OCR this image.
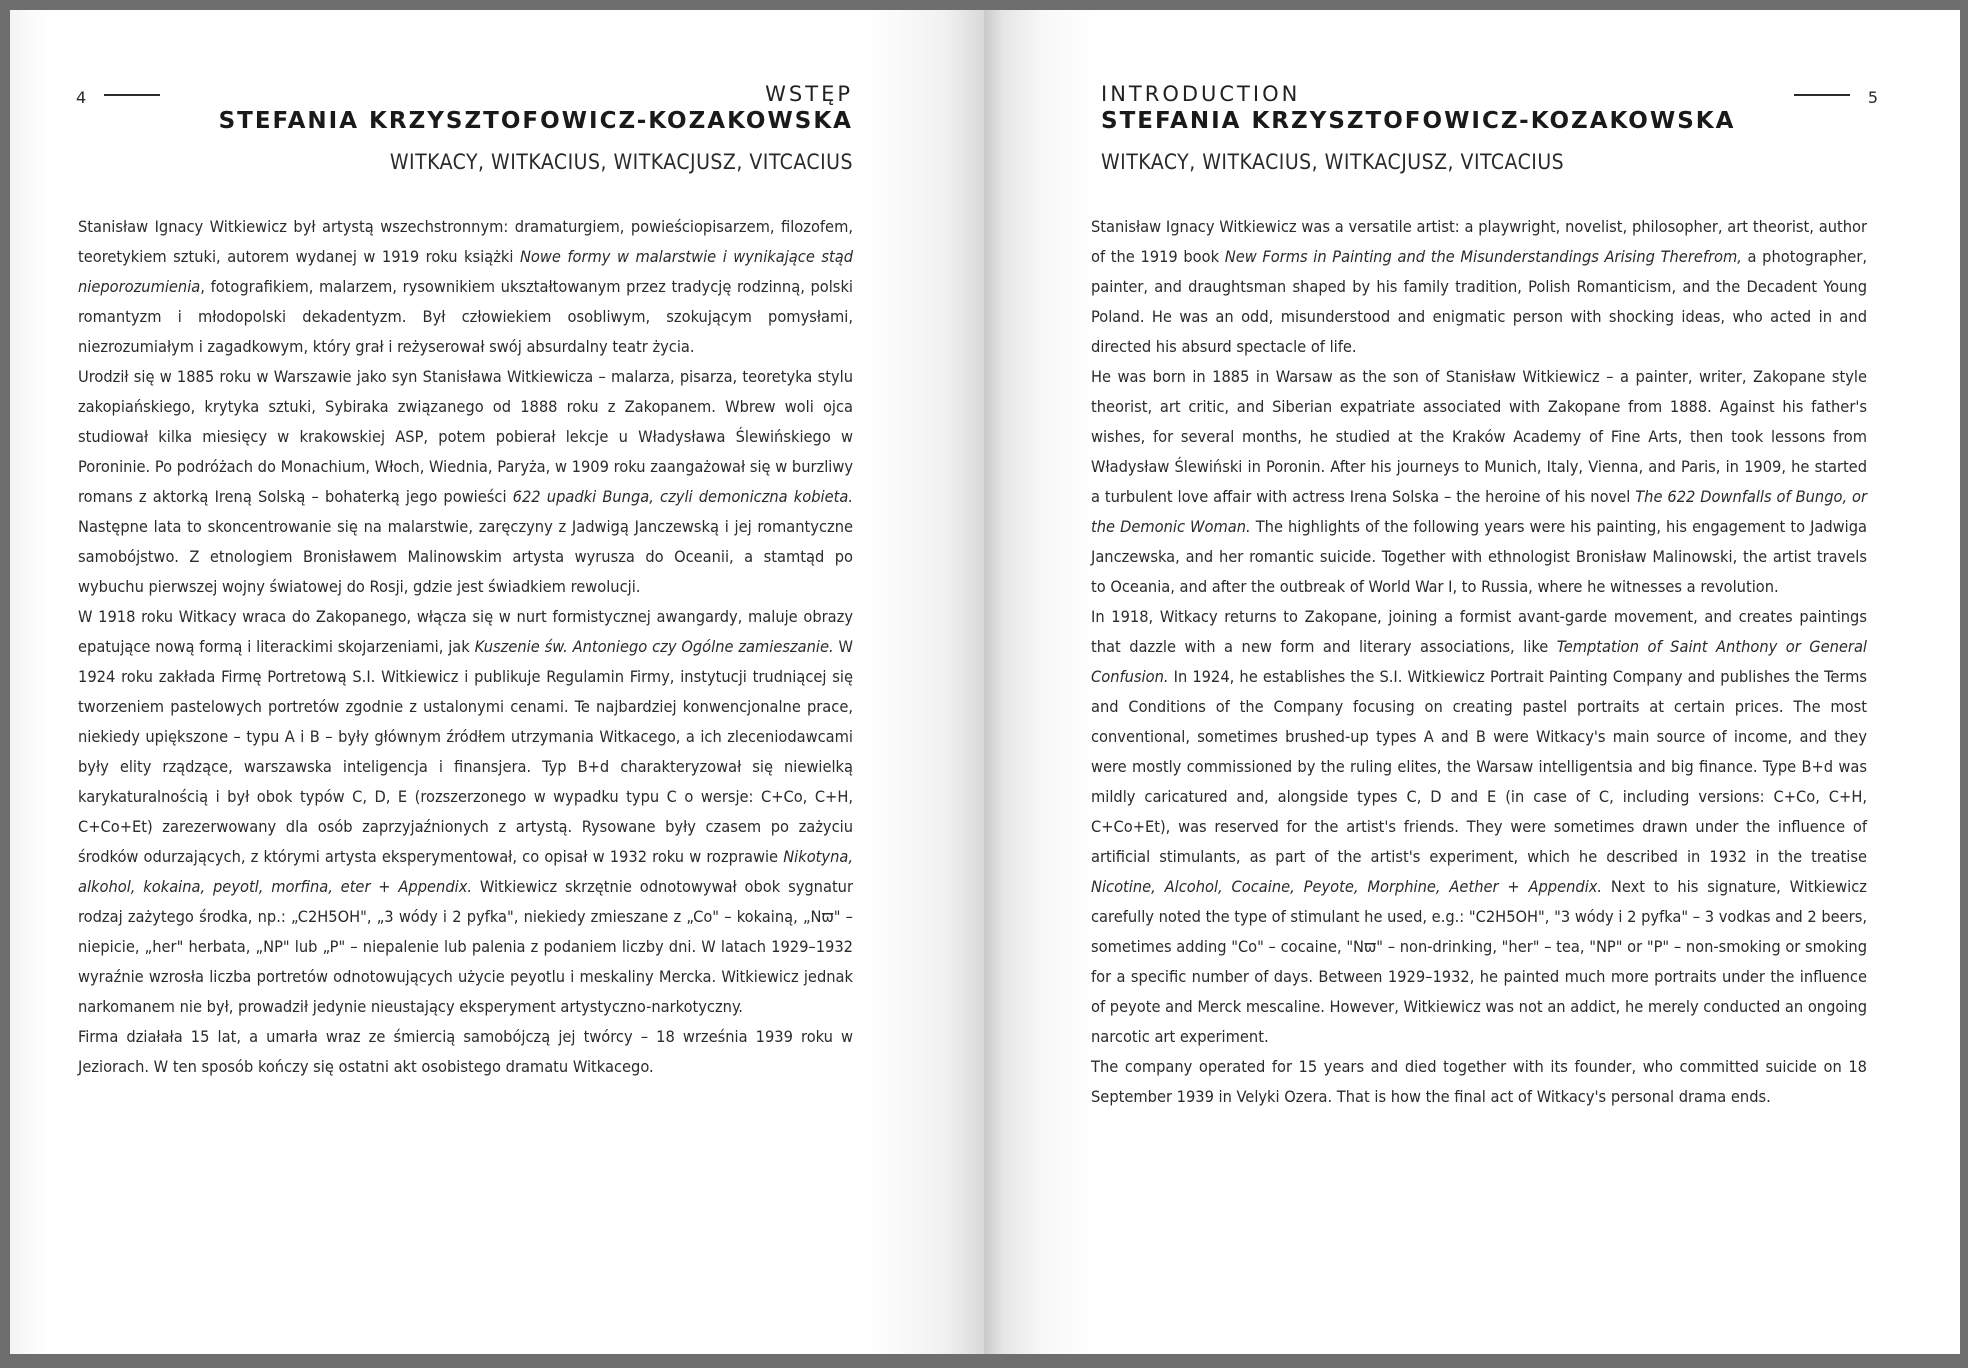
4	WSTĘP
STEFANIA KRZYSZTOFOWICZ-KOZAKOWSKA
WITKACY, WITKACIUS, WITKACJUSZ, VITCACIUS

Stanisław Ignacy Witkiewicz był artystą wszechstronnym: dramaturgiem, powieściopisarzem, filozofem, teoretykiem sztuki, autorem wydanej w 1919 roku książki Nowe formy w malarstwie i wynikające stąd nieporozumienia, fotografikiem, malarzem, rysownikiem ukształtowanym przez tradycję rodzinną, polski romantyzm i młodopolski dekadentyzm. Był człowiekiem osobliwym, szokującym pomysłami, niezrozumiałym i zagadkowym, który grał i reżyserował swój absurdalny teatr życia.

Urodził się w 1885 roku w Warszawie jako syn Stanisława Witkiewicza – malarza, pisarza, teoretyka stylu zakopiańskiego, krytyka sztuki, Sybiraka związanego od 1888 roku z Zakopanem. Wbrew woli ojca studiował kilka miesięcy w krakowskiej ASP, potem pobierał lekcje u Władysława Ślewińskiego w Poroninie. Po podróżach do Monachium, Włoch, Wiednia, Paryża, w 1909 roku zaangażował się w burzliwy romans z aktorką Ireną Solską – bohaterką jego powieści 622 upadki Bunga, czyli demoniczna kobieta. Następne lata to skoncentrowanie się na malarstwie, zaręczyny z Jadwigą Janczewską i jej romantyczne samobójstwo. Z etnologiem Bronisławem Malinowskim artysta wyrusza do Oceanii, a stamtąd po wybuchu pierwszej wojny światowej do Rosji, gdzie jest świadkiem rewolucji.

W 1918 roku Witkacy wraca do Zakopanego, włącza się w nurt formistycznej awangardy, maluje obrazy epatujące nową formą i literackimi skojarzeniami, jak Kuszenie św. Antoniego czy Ogólne zamieszanie. W 1924 roku zakłada Firmę Portretową S.I. Witkiewicz i publikuje Regulamin Firmy, instytucji trudniącej się tworzeniem pastelowych portretów zgodnie z ustalonymi cenami. Te najbardziej konwencjonalne prace, niekiedy upiększone – typu A i B – były głównym źródłem utrzymania Witkacego, a ich zleceniodawcami były elity rządzące, warszawska inteligencja i finansjera. Typ B+d charakteryzował się niewielką karykaturalnością i był obok typów C, D, E (rozszerzonego w wypadku typu C o wersje: C+Co, C+H, C+Co+Et) zarezerwowany dla osób zaprzyjaźnionych z artystą. Rysowane były czasem po zażyciu środków odurzających, z którymi artysta eksperymentował, co opisał w 1932 roku w rozprawie Nikotyna, alkohol, kokaina, peyotl, morfina, eter + Appendix. Witkiewicz skrzętnie odnotowywał obok sygnatur rodzaj zażytego środka, np.: „C2H5OH", „3 wódy i 2 pyfka", niekiedy zmieszane z „Co" – kokainą, „Nϖ" – niepicie, „her" herbata, „NP" lub „P" – niepalenie lub palenia z podaniem liczby dni. W latach 1929–1932 wyraźnie wzrosła liczba portretów odnotowujących użycie peyotlu i meskaliny Mercka. Witkiewicz jednak narkomanem nie był, prowadził jedynie nieustający eksperyment artystyczno-narkotyczny.

Firma działała 15 lat, a umarła wraz ze śmiercią samobójczą jej twórcy – 18 września 1939 roku w Jeziorach. W ten sposób kończy się ostatni akt osobistego dramatu Witkacego.

5
INTRODUCTION
STEFANIA KRZYSZTOFOWICZ-KOZAKOWSKA
WITKACY, WITKACIUS, WITKACJUSZ, VITCACIUS

Stanisław Ignacy Witkiewicz was a versatile artist: a playwright, novelist, philosopher, art theorist, author of the 1919 book New Forms in Painting and the Misunderstandings Arising Therefrom, a photographer, painter, and draughtsman shaped by his family tradition, Polish Romanticism, and the Decadent Young Poland. He was an odd, misunderstood and enigmatic person with shocking ideas, who acted in and directed his absurd spectacle of life.

He was born in 1885 in Warsaw as the son of Stanisław Witkiewicz – a painter, writer, Zakopane style theorist, art critic, and Siberian expatriate associated with Zakopane from 1888. Against his father's wishes, for several months, he studied at the Kraków Academy of Fine Arts, then took lessons from Władysław Ślewiński in Poronin. After his journeys to Munich, Italy, Vienna, and Paris, in 1909, he started a turbulent love affair with actress Irena Solska – the heroine of his novel The 622 Downfalls of Bungo, or the Demonic Woman. The highlights of the following years were his painting, his engagement to Jadwiga Janczewska, and her romantic suicide. Together with ethnologist Bronisław Malinowski, the artist travels to Oceania, and after the outbreak of World War I, to Russia, where he witnesses a revolution.

In 1918, Witkacy returns to Zakopane, joining a formist avant-garde movement, and creates paintings that dazzle with a new form and literary associations, like Temptation of Saint Anthony or General Confusion. In 1924, he establishes the S.I. Witkiewicz Portrait Painting Company and publishes the Terms and Conditions of the Company focusing on creating pastel portraits at certain prices. The most conventional, sometimes brushed-up types A and B were Witkacy's main source of income, and they were mostly commissioned by the ruling elites, the Warsaw intelligentsia and big finance. Type B+d was mildly caricatured and, alongside types C, D and E (in case of C, including versions: C+Co, C+H, C+Co+Et), was reserved for the artist's friends. They were sometimes drawn under the influence of artificial stimulants, as part of the artist's experiment, which he described in 1932 in the treatise Nicotine, Alcohol, Cocaine, Peyote, Morphine, Aether + Appendix. Next to his signature, Witkiewicz carefully noted the type of stimulant he used, e.g.: "C2H5OH", "3 wódy i 2 pyfka" – 3 vodkas and 2 beers, sometimes adding "Co" – cocaine, "Nϖ" – non-drinking, "her" – tea, "NP" or "P" – non-smoking or smoking for a specific number of days. Between 1929–1932, he painted much more portraits under the influence of peyote and Merck mescaline. However, Witkiewicz was not an addict, he merely conducted an ongoing narcotic art experiment.

The company operated for 15 years and died together with its founder, who committed suicide on 18 September 1939 in Velyki Ozera. That is how the final act of Witkacy's personal drama ends.
